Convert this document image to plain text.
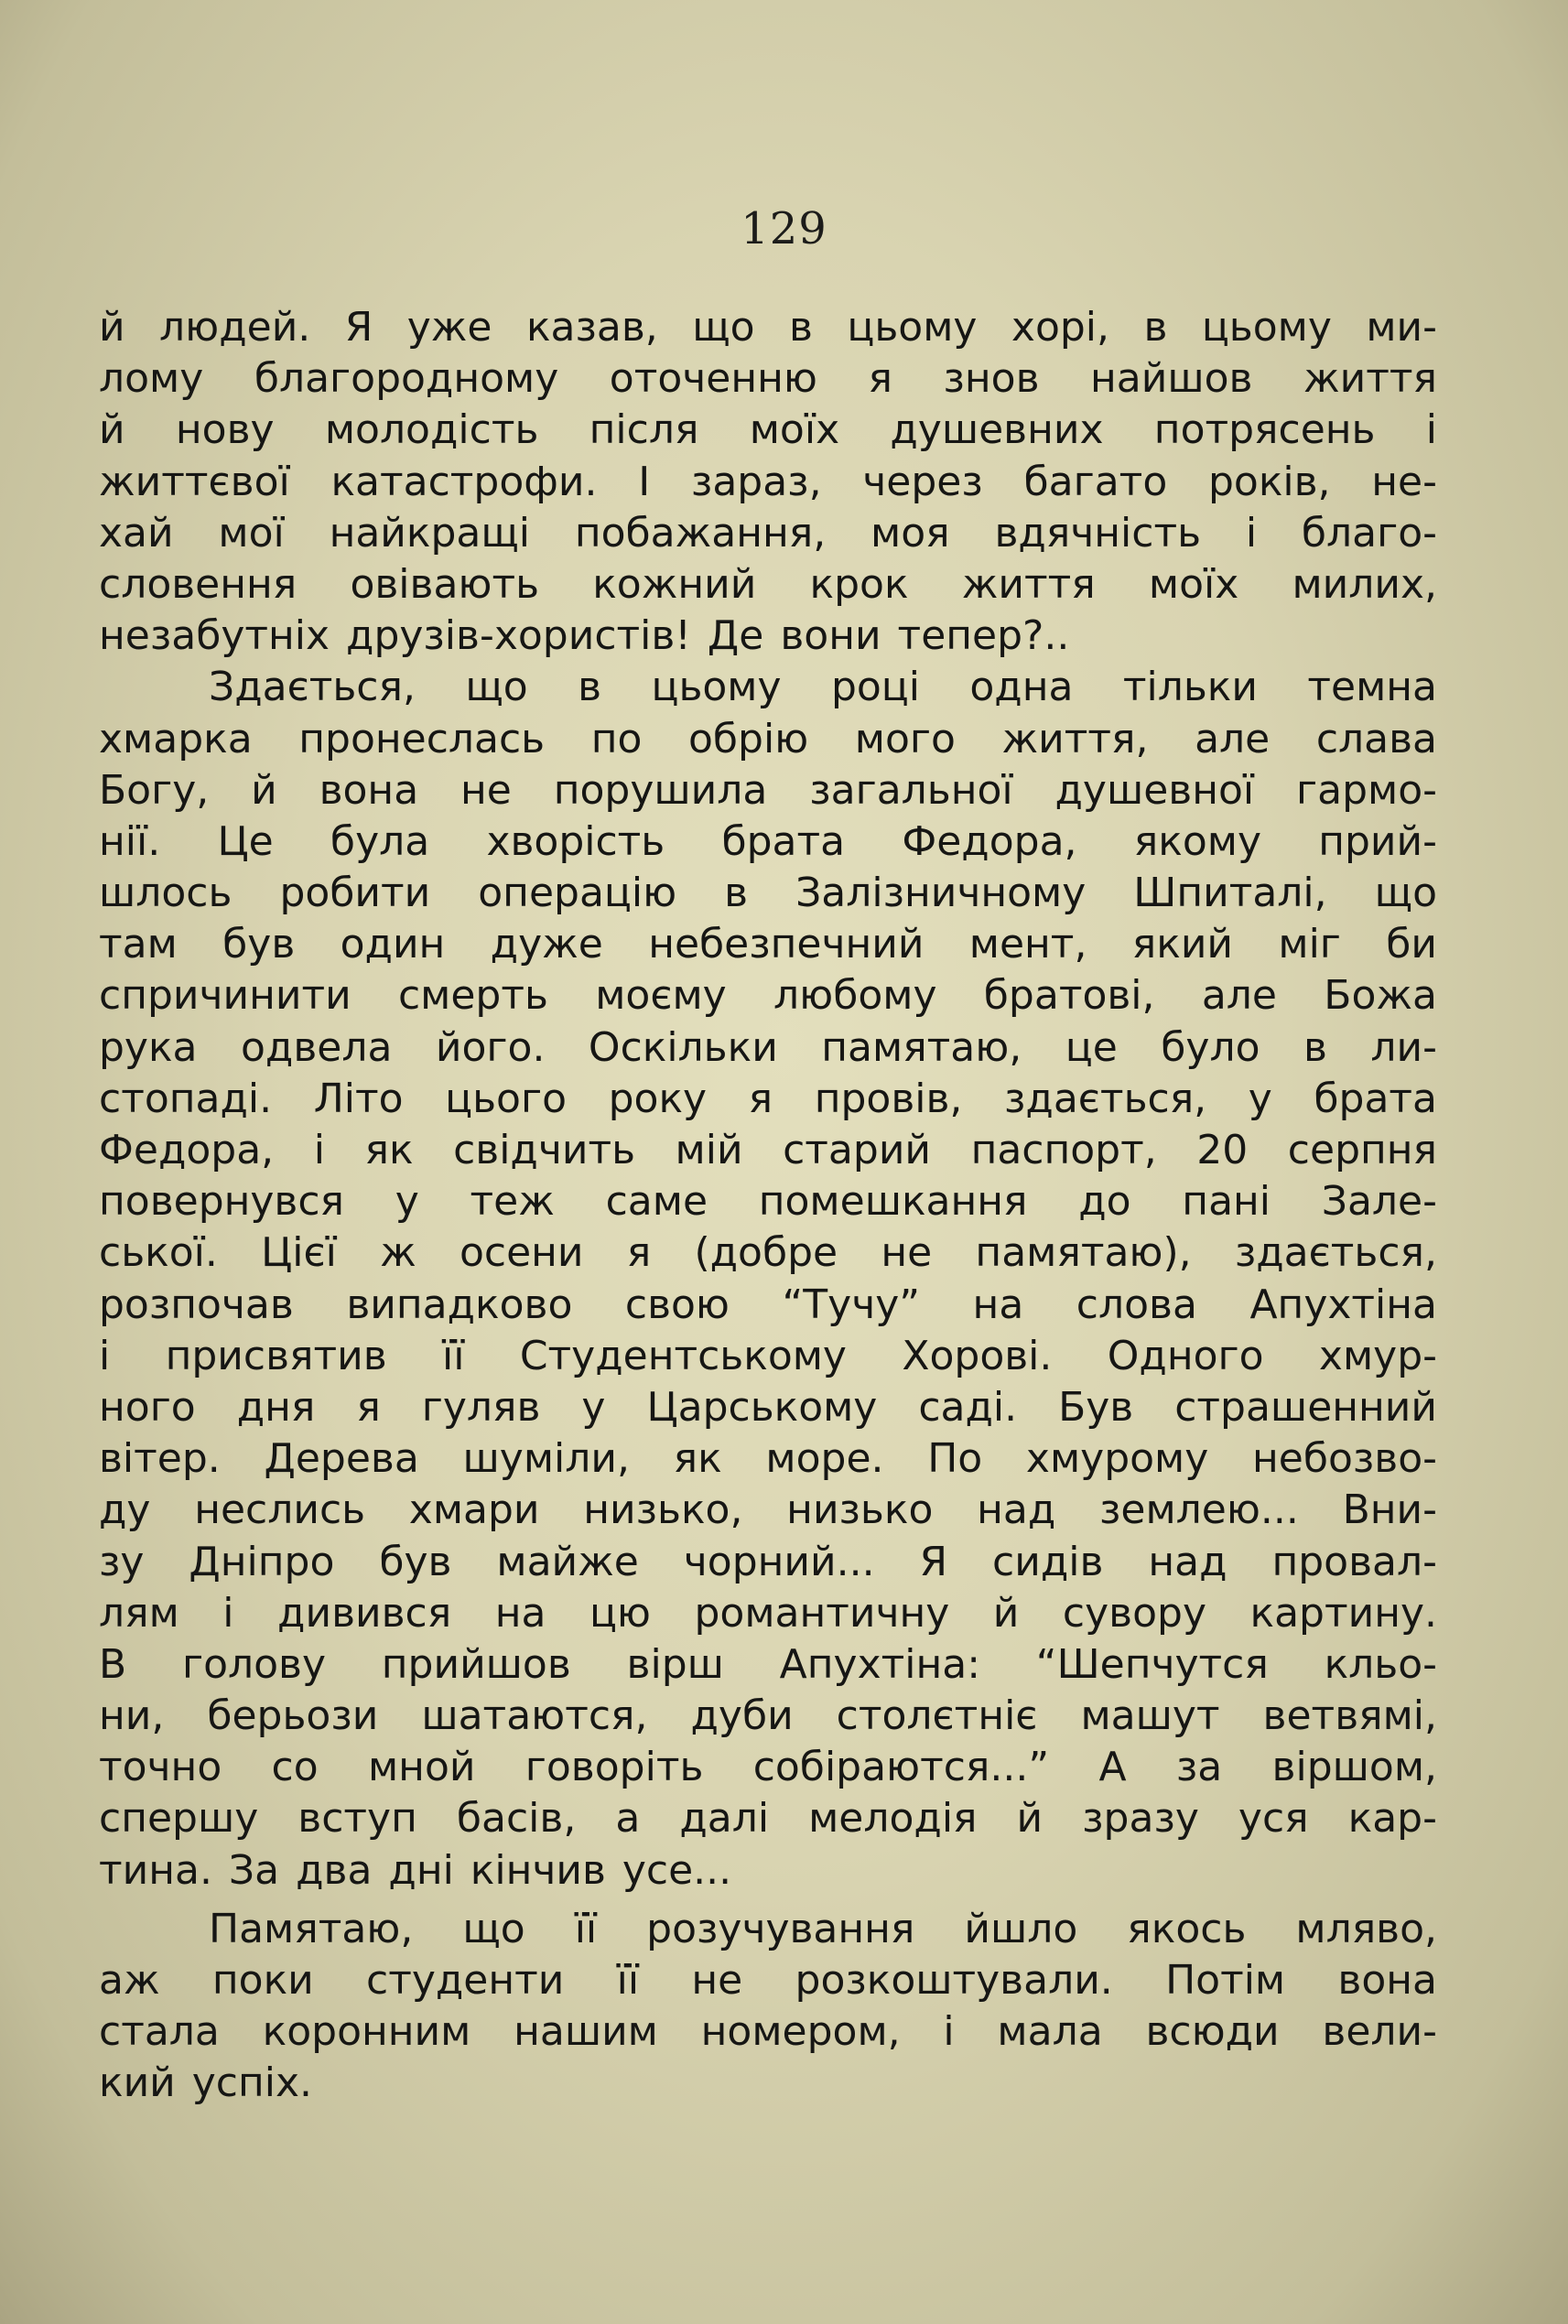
129
й людей. Я уже казав, що в цьому хорі, в цьому ми-
лому благородному оточенню я знов найшов життя
й нову молодість після моїх душевних потрясень і
життєвої катастрофи. І зараз, через багато років, не-
хай мої найкращі побажання, моя вдячність і благо-
словення овівають кожний крок життя моїх милих,
незабутніх друзів-хористів! Де вони тепер?..
Здається, що в цьому році одна тільки темна
хмарка пронеслась по обрію мого життя, але слава
Богу, й вона не порушила загальної душевної гармо-
нії. Це була хворість брата Федора, якому прий-
шлось робити операцію в Залізничному Шпиталі, що
там був один дуже небезпечний мент, який міг би
спричинити смерть моєму любому братові, але Божа
рука одвела його. Оскільки памятаю, це було в ли-
стопаді. Літо цього року я провів, здається, у брата
Федора, і як свідчить мій старий паспорт, 20 серпня
повернувся у теж саме помешкання до пані Зале-
ської. Цієї ж осени я (добре не памятаю), здається,
розпочав випадково свою “Тучу” на слова Апухтіна
і присвятив її Студентському Хорові. Одного хмур-
ного дня я гуляв у Царському саді. Був страшенний
вітер. Дерева шуміли, як море. По хмурому небозво-
ду неслись хмари низько, низько над землею... Вни-
зу Дніпро був майже чорний... Я сидів над провал-
лям і дивився на цю романтичну й сувору картину.
В голову прийшов вірш Апухтіна: “Шепчутся кльо-
ни, берьози шатаются, дуби столєтніє машут ветвямі,
точно со мной говоріть собіраются...” А за віршом,
спершу вступ басів, а далі мелодія й зразу уся кар-
тина. За два дні кінчив усе...
Памятаю, що її розучування йшло якось мляво,
аж поки студенти її не розкоштували. Потім вона
стала коронним нашим номером, і мала всюди вели-
кий успіх.
